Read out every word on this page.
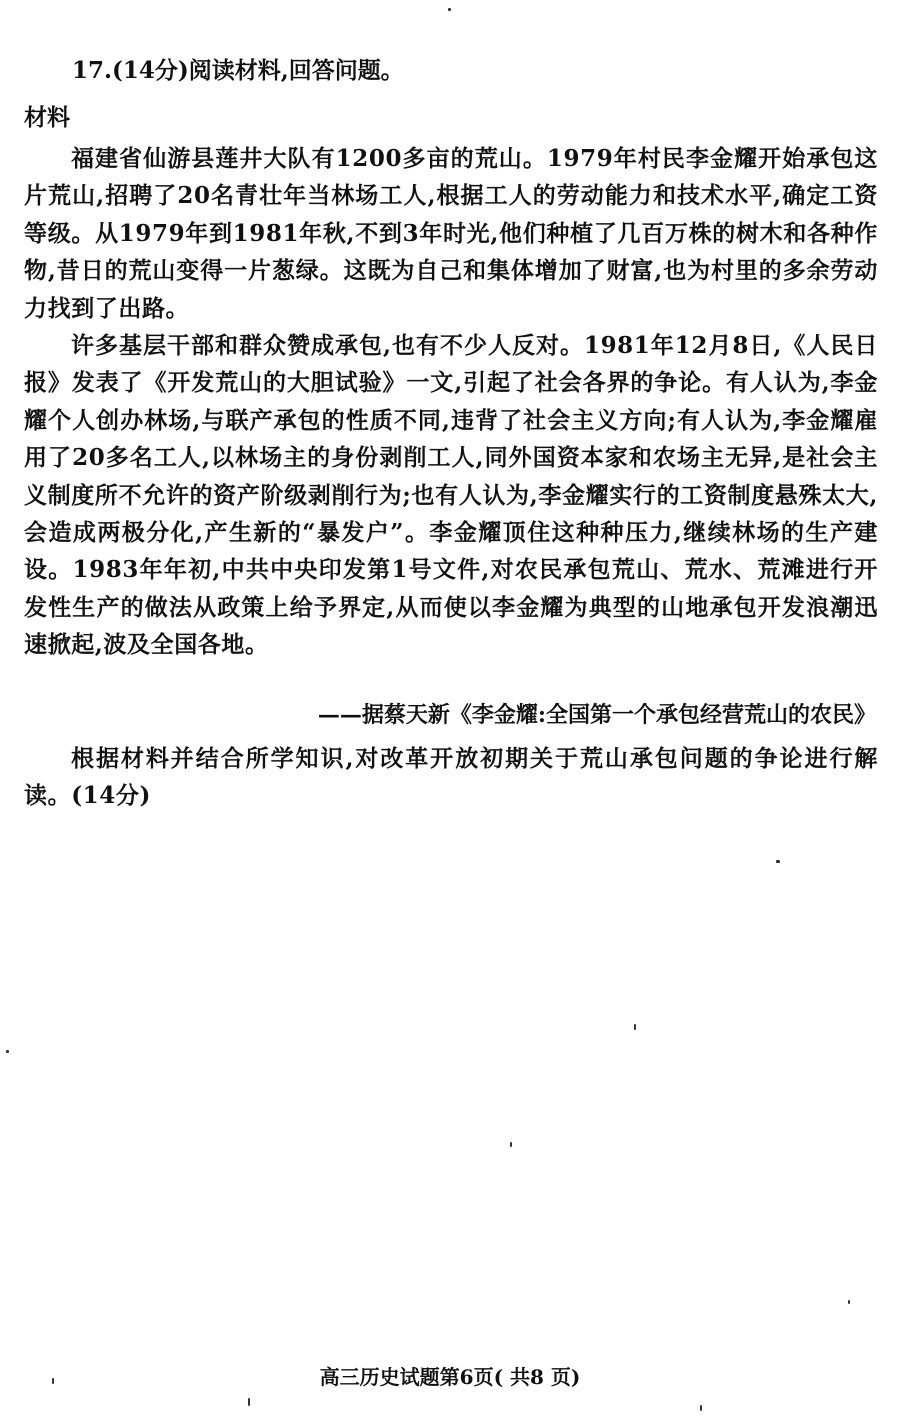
17.(14分)阅读材料,回答问题。
材料

福建省仙游县莲井大队有1200多亩的荒山。1979年村民李金耀开始承包这片荒山,招聘了20名青壮年当林场工人,根据工人的劳动能力和技术水平,确定工资等级。从1979年到1981年秋,不到3年时光,他们种植了几百万株的树木和各种作物,昔日的荒山变得一片葱绿。这既为自己和集体增加了财富,也为村里的多余劳动力找到了出路。

许多基层干部和群众赞成承包,也有不少人反对。1981年12月8日,《人民日报》发表了《开发荒山的大胆试验》一文,引起了社会各界的争论。有人认为,李金耀个人创办林场,与联产承包的性质不同,违背了社会主义方向;有人认为,李金耀雇用了20多名工人,以林场主的身份剥削工人,同外国资本家和农场主无异,是社会主义制度所不允许的资产阶级剥削行为;也有人认为,李金耀实行的工资制度悬殊太大,会造成两极分化,产生新的“暴发户”。李金耀顶住这种种压力,继续林场的生产建设。1983年年初,中共中央印发第1号文件,对农民承包荒山、荒水、荒滩进行开发性生产的做法从政策上给予界定,从而使以李金耀为典型的山地承包开发浪潮迅速掀起,波及全国各地。

——据蔡天新《李金耀:全国第一个承包经营荒山的农民》

根据材料并结合所学知识,对改革开放初期关于荒山承包问题的争论进行解读。(14分)

高三历史试题第6页( 共8 页)
